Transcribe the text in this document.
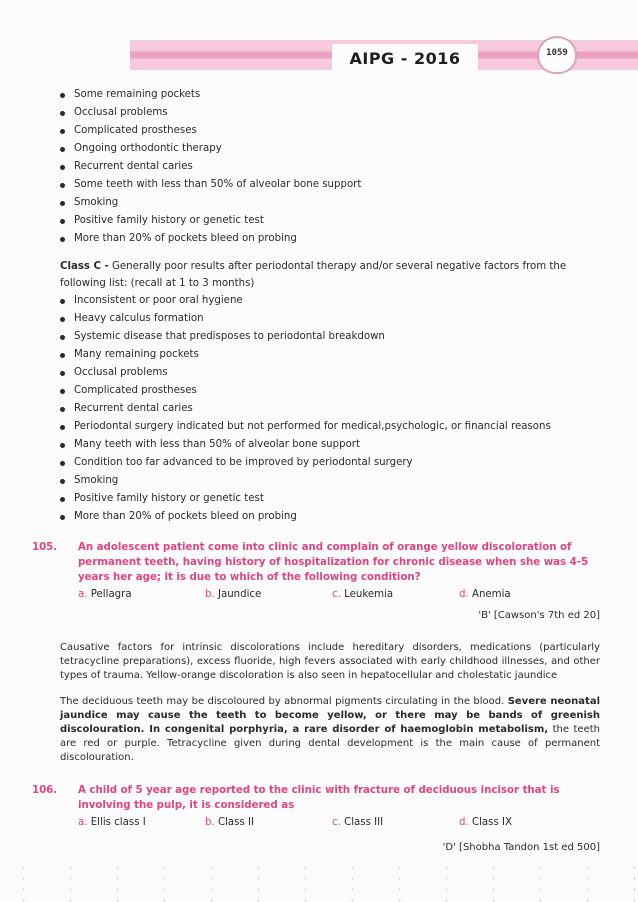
AIPG - 2016	1059
Some remaining pockets
Occlusal problems
Complicated prostheses
Ongoing orthodontic therapy
Recurrent dental caries
Some teeth with less than 50% of alveolar bone support
Smoking
Positive family history or genetic test
More than 20% of pockets bleed on probing
Class C - Generally poor results after periodontal therapy and/or several negative factors from the following list: (recall at 1 to 3 months)
Inconsistent or poor oral hygiene
Heavy calculus formation
Systemic disease that predisposes to periodontal breakdown
Many remaining pockets
Occlusal problems
Complicated prostheses
Recurrent dental caries
Periodontal surgery indicated but not performed for medical,psychologic, or financial reasons
Many teeth with less than 50% of alveolar bone support
Condition too far advanced to be improved by periodontal surgery
Smoking
Positive family history or genetic test
More than 20% of pockets bleed on probing
105. An adolescent patient come into clinic and complain of orange yellow discoloration of permanent teeth, having history of hospitalization for chronic disease when she was 4-5 years her age; it is due to which of the following condition?
a. Pellagra	b. Jaundice	c. Leukemia	d. Anemia
'B' [Cawson's 7th ed 20]
Causative factors for intrinsic discolorations include hereditary disorders, medications (particularly tetracycline preparations), excess fluoride, high fevers associated with early childhood illnesses, and other types of trauma. Yellow-orange discoloration is also seen in hepatocellular and cholestatic jaundice
The deciduous teeth may be discoloured by abnormal pigments circulating in the blood. Severe neonatal jaundice may cause the teeth to become yellow, or there may be bands of greenish discolouration. In congenital porphyria, a rare disorder of haemoglobin metabolism, the teeth are red or purple. Tetracycline given during dental development is the main cause of permanent discolouration.
106. A child of 5 year age reported to the clinic with fracture of deciduous incisor that is involving the pulp, it is considered as
a. Ellis class I	b. Class II	c. Class III	d. Class IX
'D' [Shobha Tandon 1st ed 500]
